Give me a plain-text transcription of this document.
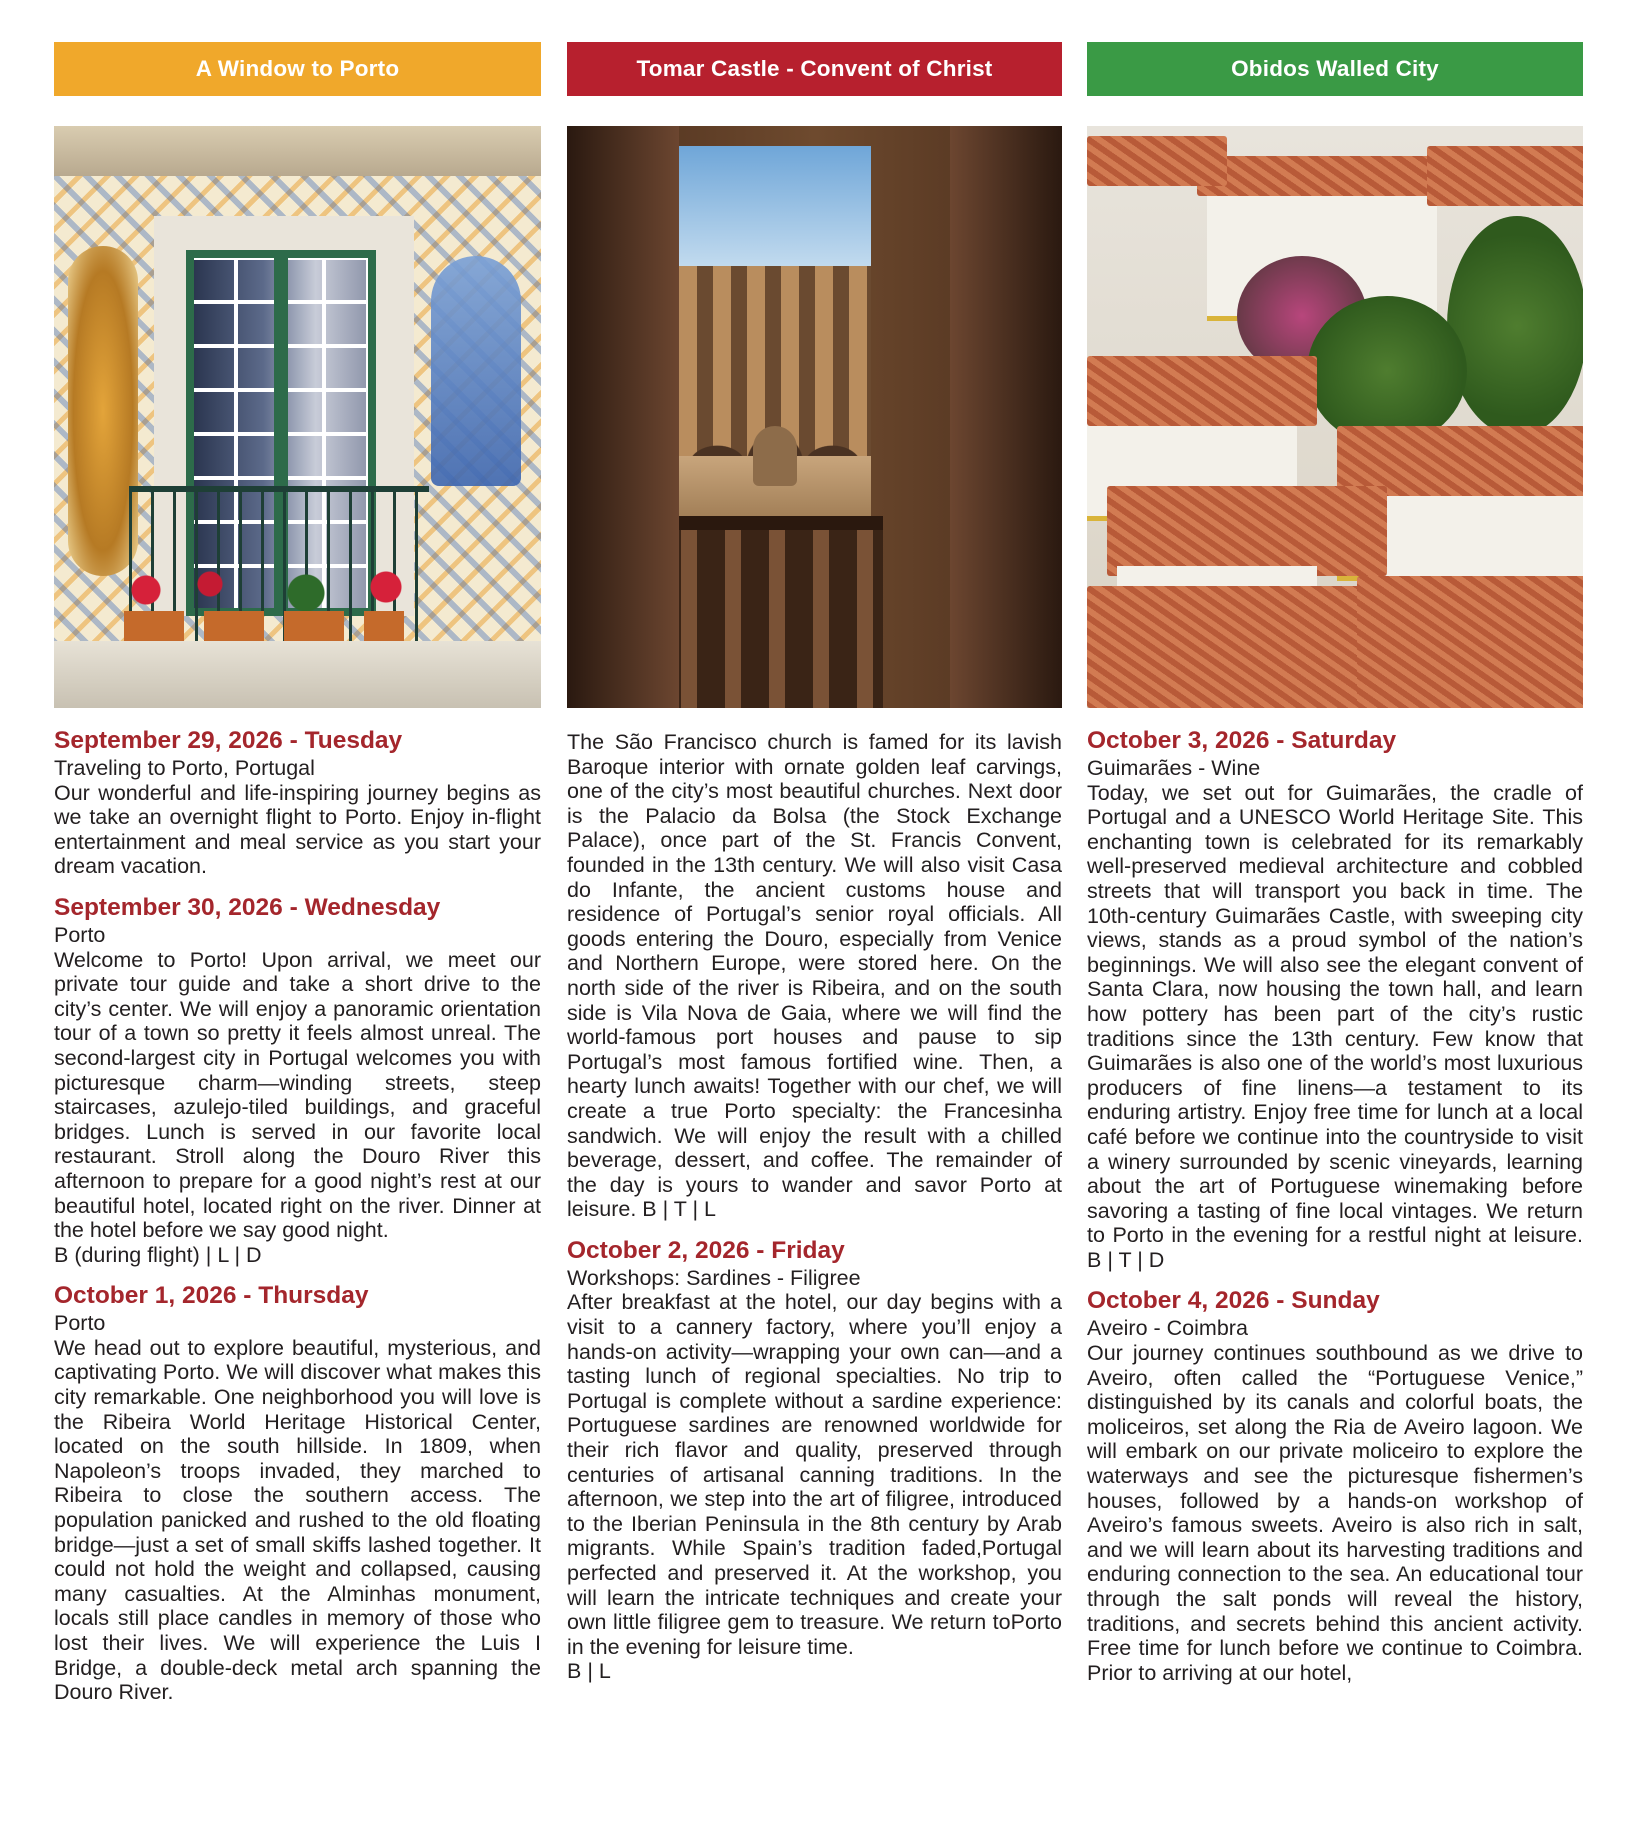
A Window to Porto

September 29, 2026 - Tuesday

Traveling to Porto, Portugal

Our wonderful and life-inspiring journey begins as we take an overnight flight to Porto. Enjoy in-flight entertainment and meal service as you start your dream vacation.

September 30, 2026 - Wednesday

Porto

Welcome to Porto! Upon arrival, we meet our private tour guide and take a short drive to the city’s center. We will enjoy a panoramic orientation tour of a town so pretty it feels almost unreal. The second-largest city in Portugal welcomes you with picturesque charm—winding streets, steep staircases, azulejo-tiled buildings, and graceful bridges. Lunch is served in our favorite local restaurant. Stroll along the Douro River this afternoon to prepare for a good night’s rest at our beautiful hotel, located right on the river. Dinner at the hotel before we say good night.

B (during flight) | L | D

October 1, 2026 - Thursday

Porto

We head out to explore beautiful, mysterious, and captivating Porto. We will discover what makes this city remarkable. One neighborhood you will love is the Ribeira World Heritage Historical Center, located on the south hillside. In 1809, when Napoleon’s troops invaded, they marched to Ribeira to close the southern access. The population panicked and rushed to the old floating bridge—just a set of small skiffs lashed together. It could not hold the weight and collapsed, causing many casualties. At the Alminhas monument, locals still place candles in memory of those who lost their lives. We will experience the Luis I Bridge, a double-deck metal arch spanning the Douro River.

Tomar Castle - Convent of Christ

The São Francisco church is famed for its lavish Baroque interior with ornate golden leaf carvings, one of the city’s most beautiful churches. Next door is the Palacio da Bolsa (the Stock Exchange Palace), once part of the St. Francis Convent, founded in the 13th century. We will also visit Casa do Infante, the ancient customs house and residence of Portugal’s senior royal officials. All goods entering the Douro, especially from Venice and Northern Europe, were stored here. On the north side of the river is Ribeira, and on the south side is Vila Nova de Gaia, where we will find the world-famous port houses and pause to sip Portugal’s most famous fortified wine. Then, a hearty lunch awaits! Together with our chef, we will create a true Porto specialty: the Francesinha sandwich. We will enjoy the result with a chilled beverage, dessert, and coffee. The remainder of the day is yours to wander and savor Porto at leisure. B | T | L

October 2, 2026 - Friday

Workshops: Sardines - Filigree

After breakfast at the hotel, our day begins with a visit to a cannery factory, where you’ll enjoy a hands-on activity—wrapping your own can—and a tasting lunch of regional specialties. No trip to Portugal is complete without a sardine experience: Portuguese sardines are renowned worldwide for their rich flavor and quality, preserved through centuries of artisanal canning traditions. In the afternoon, we step into the art of filigree, introduced to the Iberian Peninsula in the 8th century by Arab migrants. While Spain’s tradition faded,Portugal perfected and preserved it. At the workshop, you will learn the intricate techniques and create your own little filigree gem to treasure. We return toPorto in the evening for leisure time.

B | L

Obidos Walled City

October 3, 2026 - Saturday

Guimarães - Wine

Today, we set out for Guimarães, the cradle of Portugal and a UNESCO World Heritage Site. This enchanting town is celebrated for its remarkably well-preserved medieval architecture and cobbled streets that will transport you back in time. The 10th-century Guimarães Castle, with sweeping city views, stands as a proud symbol of the nation’s beginnings. We will also see the elegant convent of Santa Clara, now housing the town hall, and learn how pottery has been part of the city’s rustic traditions since the 13th century. Few know that Guimarães is also one of the world’s most luxurious producers of fine linens—a testament to its enduring artistry. Enjoy free time for lunch at a local café before we continue into the countryside to visit a winery surrounded by scenic vineyards, learning about the art of Portuguese winemaking before savoring a tasting of fine local vintages. We return to Porto in the evening for a restful night at leisure. B | T | D

October 4, 2026 - Sunday

Aveiro - Coimbra

Our journey continues southbound as we drive to Aveiro, often called the “Portuguese Venice,” distinguished by its canals and colorful boats, the moliceiros, set along the Ria de Aveiro lagoon. We will embark on our private moliceiro to explore the waterways and see the picturesque fishermen’s houses, followed by a hands-on workshop of Aveiro’s famous sweets. Aveiro is also rich in salt, and we will learn about its harvesting traditions and enduring connection to the sea. An educational tour through the salt ponds will reveal the history, traditions, and secrets behind this ancient activity. Free time for lunch before we continue to Coimbra. Prior to arriving at our hotel,
